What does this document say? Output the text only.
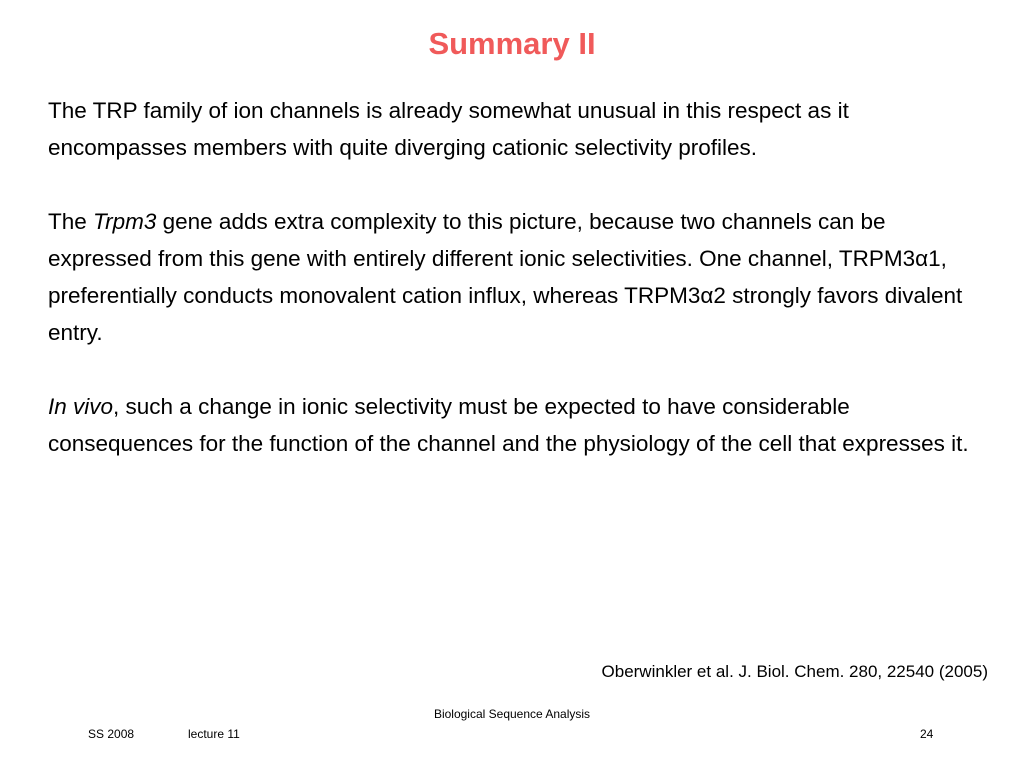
Summary II

The TRP family of ion channels is already somewhat unusual in this respect as it encompasses members with quite diverging cationic selectivity profiles.

The Trpm3 gene adds extra complexity to this picture, because two channels can be expressed from this gene with entirely different ionic selectivities. One channel, TRPM3α1, preferentially conducts monovalent cation influx, whereas TRPM3α2 strongly favors divalent entry.

In vivo, such a change in ionic selectivity must be expected to have considerable consequences for the function of the channel and the physiology of the cell that expresses it.

Oberwinkler et al. J. Biol. Chem. 280, 22540 (2005)
Biological Sequence Analysis
SS 2008	lecture 11	24
